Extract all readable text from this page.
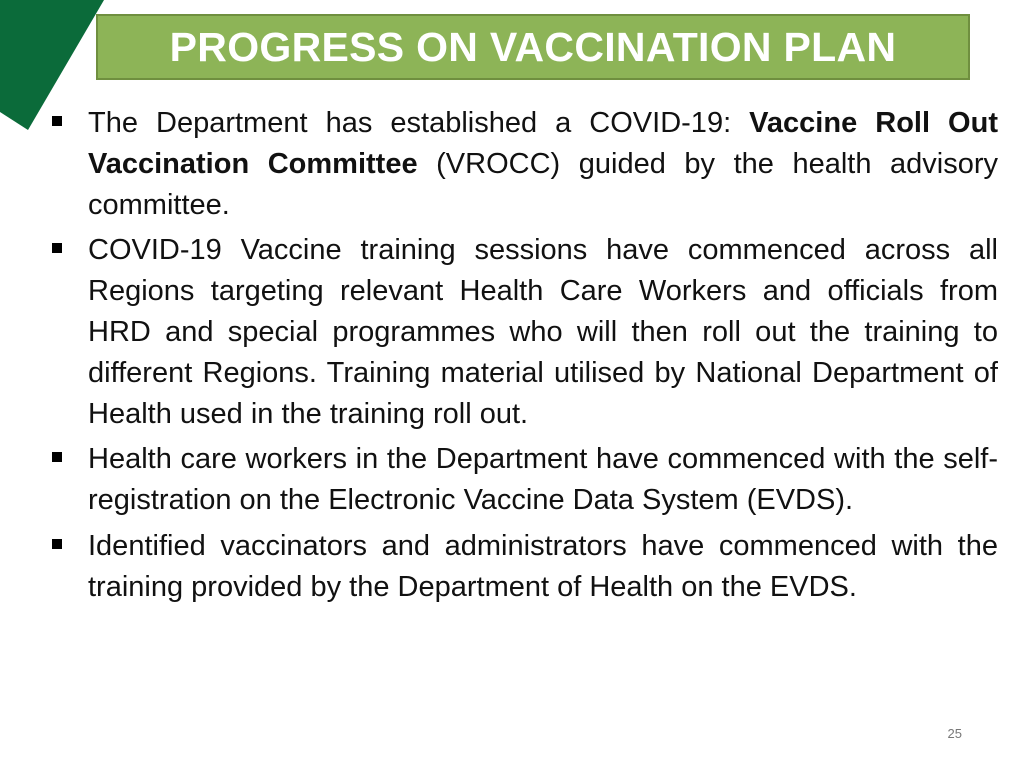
PROGRESS ON VACCINATION PLAN
The Department has established a COVID-19: Vaccine Roll Out Vaccination Committee (VROCC) guided by the health advisory committee.
COVID-19 Vaccine training sessions have commenced across all Regions targeting relevant Health Care Workers and officials from HRD and special programmes who will then roll out the training to different Regions. Training material utilised by National Department of Health used in the training roll out.
Health care workers in the Department have commenced with the self-registration on the Electronic Vaccine Data System (EVDS).
Identified vaccinators and administrators have commenced with the training provided by the Department of Health on the EVDS.
25
